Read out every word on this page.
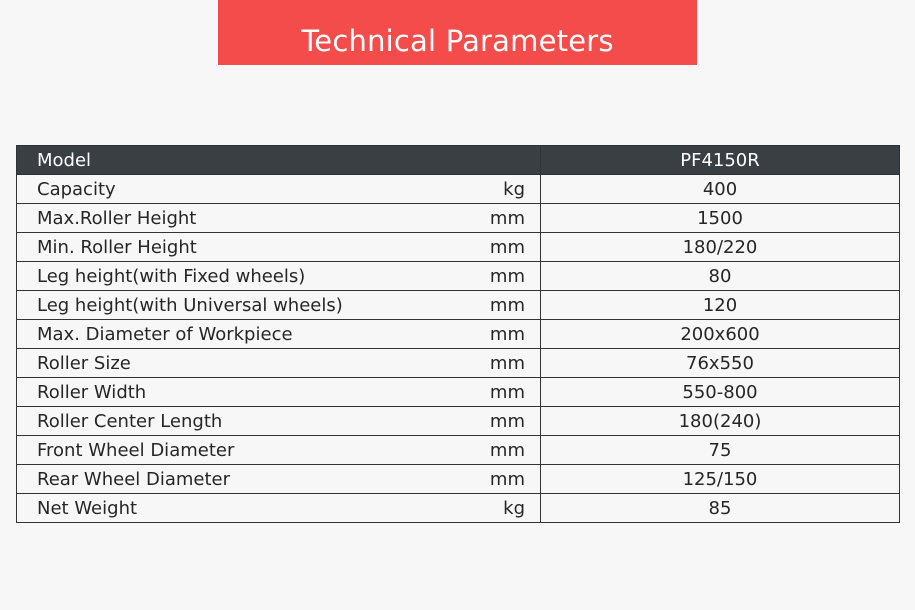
Technical Parameters
Model	PF4150R

Capacity kg	400

Max.Roller Height mm	1500

Min. Roller Height mm	180/220

Leg height(with Fixed wheels) mm	80

Leg height(with Universal wheels) mm	120

Max. Diameter of Workpiece mm	200x600

Roller Size mm	76x550

Roller Width mm	550-800

Roller Center Length mm	180(240)

Front Wheel Diameter mm	75

Rear Wheel Diameter mm	125/150

Net Weight kg	85
